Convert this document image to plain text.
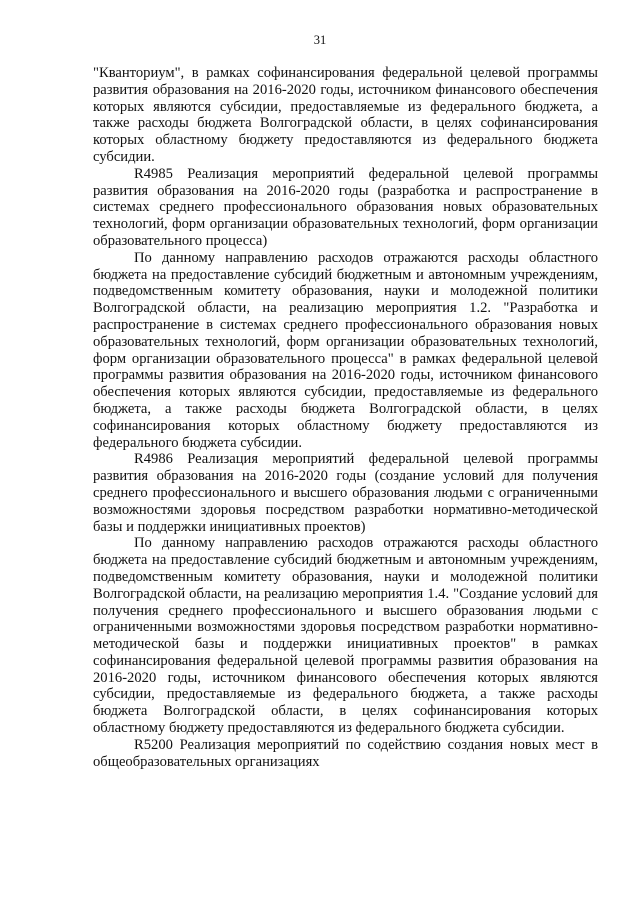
31

"Кванториум", в рамках софинансирования федеральной целевой программы развития образования на 2016-2020 годы, источником финансового обеспечения которых являются субсидии, предоставляемые из федерального бюджета, а также расходы бюджета Волгоградской области, в целях софинансирования которых областному бюджету предоставляются из федерального бюджета субсидии.

R4985 Реализация мероприятий федеральной целевой программы развития образования на 2016-2020 годы (разработка и распространение в системах среднего профессионального образования новых образовательных технологий, форм организации образовательных технологий, форм организации образовательного процесса)

По данному направлению расходов отражаются расходы областного бюджета на предоставление субсидий бюджетным и автономным учреждениям, подведомственным комитету образования, науки и молодежной политики Волгоградской области, на реализацию мероприятия 1.2. "Разработка и распространение в системах среднего профессионального образования новых образовательных технологий, форм организации образовательных технологий, форм организации образовательного процесса" в рамках федеральной целевой программы развития образования на 2016-2020 годы, источником финансового обеспечения которых являются субсидии, предоставляемые из федерального бюджета, а также расходы бюджета Волгоградской области, в целях софинансирования которых областному бюджету предоставляются из федерального бюджета субсидии.

R4986 Реализация мероприятий федеральной целевой программы развития образования на 2016-2020 годы (создание условий для получения среднего профессионального и высшего образования людьми с ограниченными возможностями здоровья посредством разработки нормативно-методической базы и поддержки инициативных проектов)

По данному направлению расходов отражаются расходы областного бюджета на предоставление субсидий бюджетным и автономным учреждениям, подведомственным комитету образования, науки и молодежной политики Волгоградской области, на реализацию мероприятия 1.4. "Создание условий для получения среднего профессионального и высшего образования людьми с ограниченными возможностями здоровья посредством разработки нормативно-методической базы и поддержки инициативных проектов" в рамках софинансирования федеральной целевой программы развития образования на 2016-2020 годы, источником финансового обеспечения которых являются субсидии, предоставляемые из федерального бюджета, а также расходы бюджета Волгоградской области, в целях софинансирования которых областному бюджету предоставляются из федерального бюджета субсидии.

R5200 Реализация мероприятий по содействию создания новых мест в общеобразовательных организациях
